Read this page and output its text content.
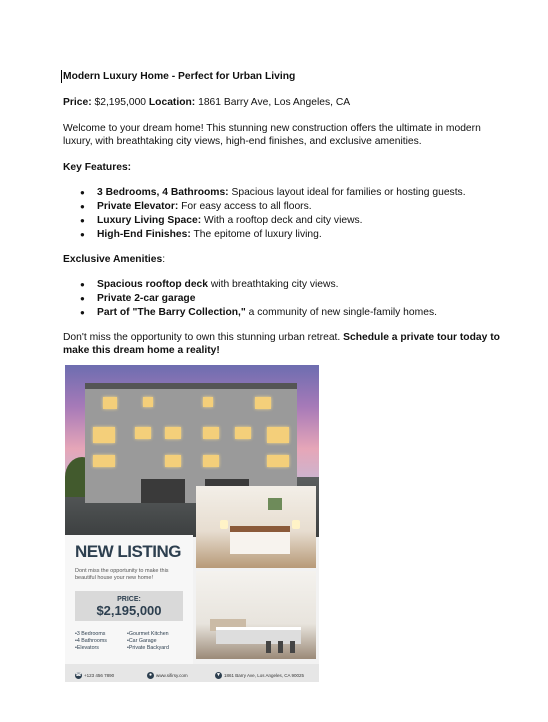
Modern Luxury Home - Perfect for Urban Living

Price: $2,195,000 Location: 1861 Barry Ave, Los Angeles, CA

Welcome to your dream home! This stunning new construction offers the ultimate in modern luxury, with breathtaking city views, high-end finishes, and exclusive amenities.

Key Features:
● 3 Bedrooms, 4 Bathrooms: Spacious layout ideal for families or hosting guests.
● Private Elevator: For easy access to all floors.
● Luxury Living Space: With a rooftop deck and city views.
● High-End Finishes: The epitome of luxury living.
Exclusive Amenities:
● Spacious rooftop deck with breathtaking city views.
● Private 2-car garage
● Part of "The Barry Collection," a community of new single-family homes.

Don't miss the opportunity to own this stunning urban retreat. Schedule a private tour today to make this dream home a reality!

NEW LISTING
Dont miss the opportunity to make this beautiful house your new home!
PRICE:
$2,195,000
• 3 Bedrooms
• 4 Bathrooms
• Elevators
• Gourmet Kitchen
• Car Garage
• Private Backyard
☎ +123 456 7890	● www.sifirsy.com	▼ 1861 Barry Ave, Los Angeles, CA 90025
